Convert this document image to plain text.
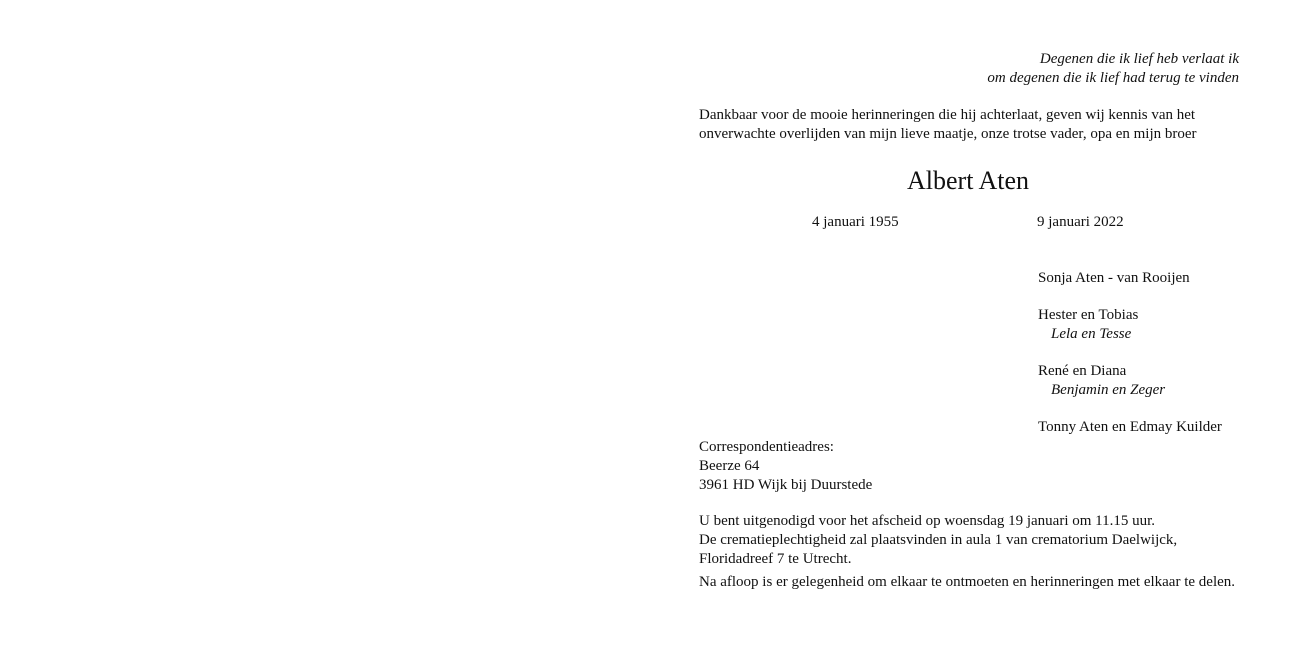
Degenen die ik lief heb verlaat ik
om degenen die ik lief had terug te vinden
Dankbaar voor de mooie herinneringen die hij achterlaat, geven wij kennis van het
onverwachte overlijden van mijn lieve maatje, onze trotse vader, opa en mijn broer
Albert Aten
4 januari 1955	9 januari 2022
Sonja Aten - van Rooijen
Hester en Tobias
Lela en Tesse
René en Diana
Benjamin en Zeger
Tonny Aten en Edmay Kuilder
Correspondentieadres:
Beerze 64
3961 HD Wijk bij Duurstede
U bent uitgenodigd voor het afscheid op woensdag 19 januari om 11.15 uur.
De crematieplechtigheid zal plaatsvinden in aula 1 van crematorium Daelwijck,
Floridadreef 7 te Utrecht.
Na afloop is er gelegenheid om elkaar te ontmoeten en herinneringen met elkaar te delen.
